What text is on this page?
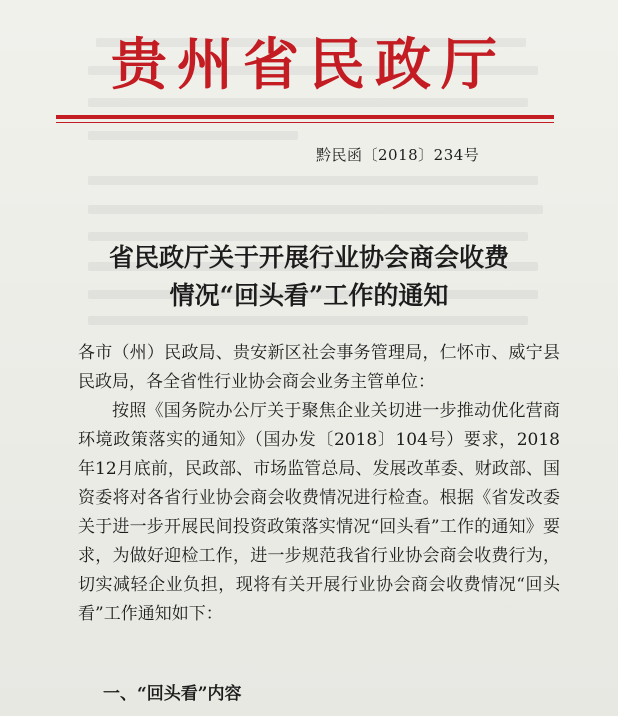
贵州省民政厅
黔民函〔2018〕234号
省民政厅关于开展行业协会商会收费
情况“回头看”工作的通知

各市（州）民政局、贵安新区社会事务管理局，仁怀市、威宁县民政局，各全省性行业协会商会业务主管单位：

按照《国务院办公厅关于聚焦企业关切进一步推动优化营商环境政策落实的通知》（国办发〔2018〕104号）要求，2018年12月底前，民政部、市场监管总局、发展改革委、财政部、国资委将对各省行业协会商会收费情况进行检查。根据《省发改委关于进一步开展民间投资政策落实情况“回头看”工作的通知》要求，为做好迎检工作，进一步规范我省行业协会商会收费行为，切实减轻企业负担，现将有关开展行业协会商会收费情况“回头看”工作通知如下：

一、“回头看”内容
